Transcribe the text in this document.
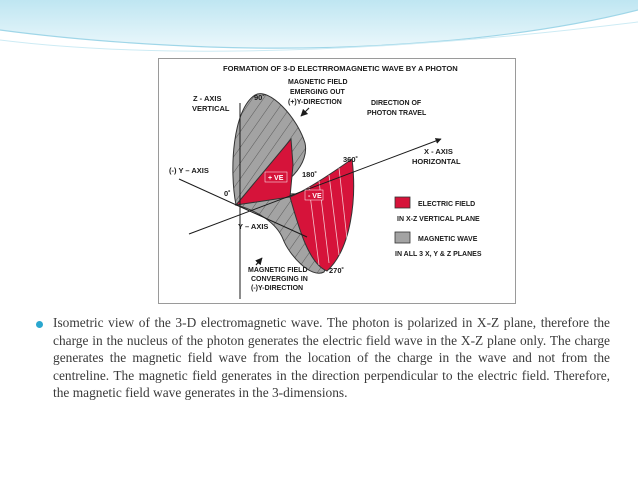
FORMATION OF 3-D ELECTRROMAGNETIC WAVE BY A PHOTON
+ VE
- VE
Z - AXIS
VERTICAL
90˚
(-) Y – AXIS
0˚
180˚
360˚
270˚
Y – AXIS
X - AXIS
HORIZONTAL
MAGNETIC FIELD
EMERGING OUT
(+)Y-DIRECTION	DIRECTION OF
PHOTON TRAVEL
MAGNETIC FIELD
CONVERGING IN
(-)Y-DIRECTION
ELECTRIC FIELD
IN X-Z VERTICAL PLANE
MAGNETIC WAVE
IN ALL 3 X, Y & Z PLANES
Isometric view of the 3-D electromagnetic wave. The photon is polarized in X-Z plane, therefore the charge in the nucleus of the photon generates the electric field wave in the X-Z plane only. The charge generates the magnetic field wave from the location of the charge in the wave and not from the centreline. The magnetic field generates in the direction perpendicular to the electric field. Therefore, the magnetic field wave generates in the 3-dimensions.
